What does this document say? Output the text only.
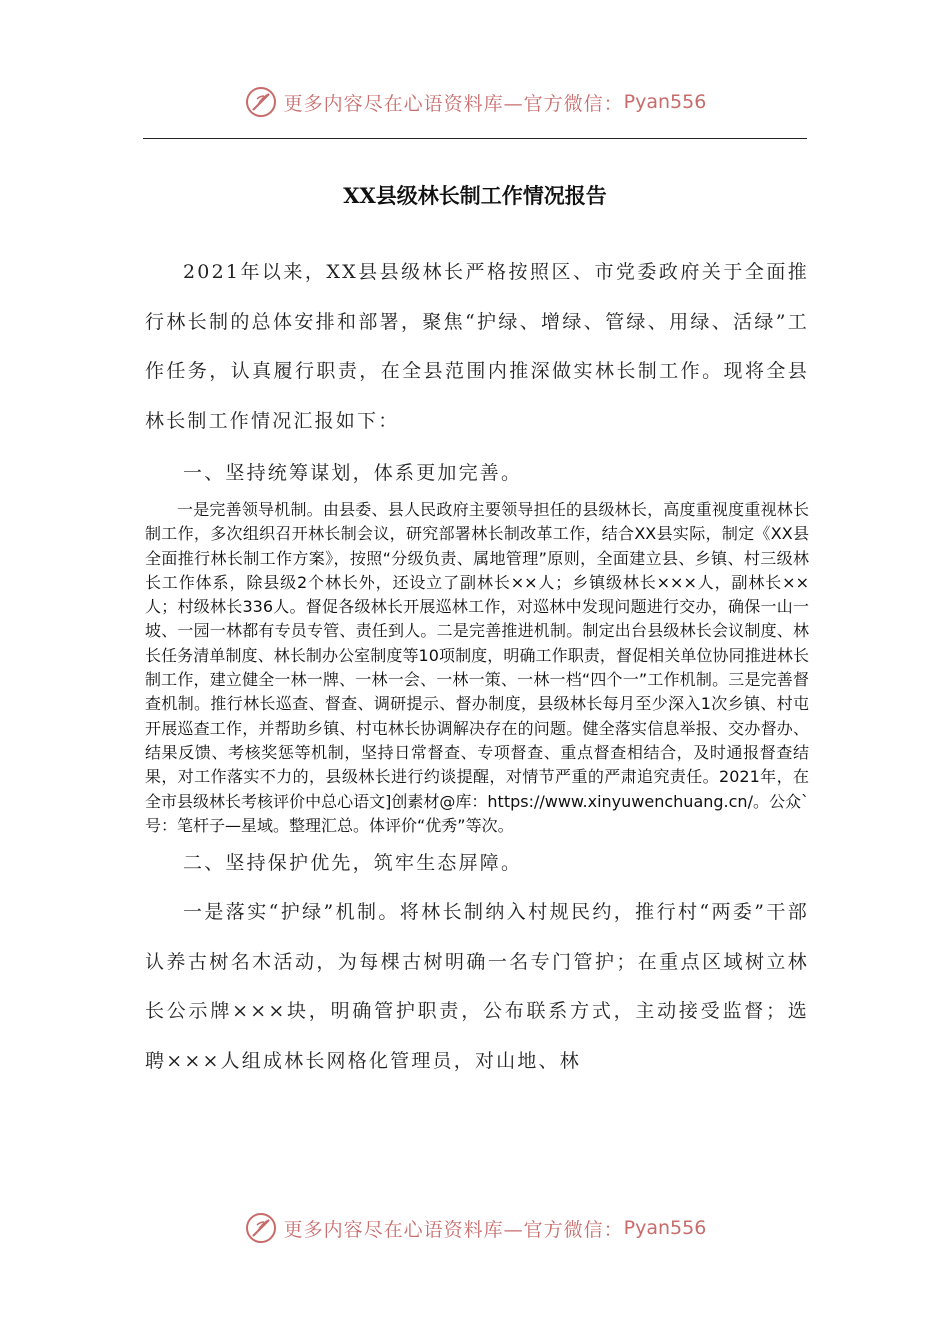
更多内容尽在心语资料库—官方微信： Pyan556
XX县级林长制工作情况报告

2021年以来，XX县县级林长严格按照区、市党委政府关于全面推行林长制的总体安排和部署，聚焦“护绿、增绿、管绿、用绿、活绿”工作任务，认真履行职责，在全县范围内推深做实林长制工作。现将全县林长制工作情况汇报如下：

一、坚持统筹谋划，体系更加完善。

一是完善领导机制。由县委、县人民政府主要领导担任的县级林长，高度重视度重视林长制工作，多次组织召开林长制会议，研究部署林长制改革工作，结合XX县实际，制定《XX县全面推行林长制工作方案》，按照“分级负责、属地管理”原则，全面建立县、乡镇、村三级林长工作体系，除县级2个林长外，还设立了副林长××人；乡镇级林长×××人，副林长××人；村级林长336人。督促各级林长开展巡林工作，对巡林中发现问题进行交办，确保一山一坡、一园一林都有专员专管、责任到人。二是完善推进机制。制定出台县级林长会议制度、林长任务清单制度、林长制办公室制度等10项制度，明确工作职责，督促相关单位协同推进林长制工作，建立健全一林一牌、一林一会、一林一策、一林一档“四个一”工作机制。三是完善督查机制。推行林长巡查、督查、调研提示、督办制度，县级林长每月至少深入1次乡镇、村屯开展巡查工作，并帮助乡镇、村屯林长协调解决存在的问题。健全落实信息举报、交办督办、结果反馈、考核奖惩等机制，坚持日常督查、专项督查、重点督查相结合，及时通报督查结果，对工作落实不力的，县级林长进行约谈提醒，对情节严重的严肃追究责任。2021年，在全市县级林长考核评价中总心语文]创素材@库：https://www.xinyuwenchuang.cn/。公众`号：笔杆子—星域。整理汇总。体评价“优秀”等次。

二、坚持保护优先，筑牢生态屏障。

一是落实“护绿”机制。将林长制纳入村规民约，推行村“两委”干部认养古树名木活动，为每棵古树明确一名专门管护；在重点区域树立林长公示牌×××块，明确管护职责，公布联系方式，主动接受监督；选聘×××人组成林长网格化管理员，对山地、林

更多内容尽在心语资料库—官方微信： Pyan556
